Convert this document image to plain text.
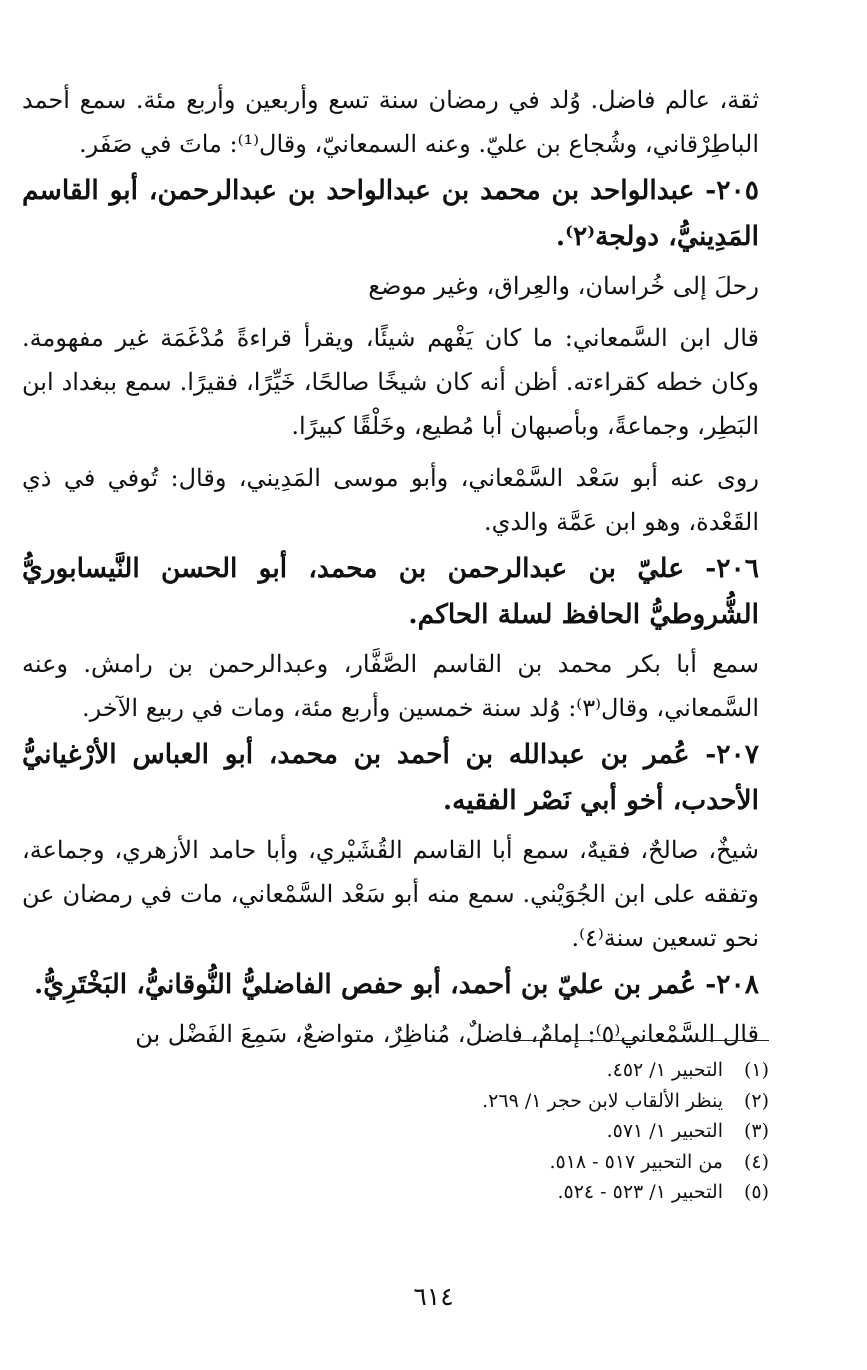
ثقة، عالم فاضل. وُلد في رمضان سنة تسع وأربعين وأربع مئة. سمع أحمد الباطِرْقاني، وشُجاع بن عليّ. وعنه السمعانيّ، وقال⁽¹⁾: ماتَ في صَفَر.

٢٠٥- عبدالواحد بن محمد بن عبدالواحد بن عبدالرحمن، أبو القاسم المَدِينيُّ، دولجة⁽٢⁾.

رحلَ إلى خُراسان، والعِراق، وغير موضع

قال ابن السَّمعاني: ما كان يَفْهم شيئًا، ويقرأ قراءةً مُدْغَمَة غير مفهومة. وكان خطه كقراءته. أظن أنه كان شيخًا صالحًا، خَيِّرًا، فقيرًا. سمع ببغداد ابن البَطِر، وجماعةً، وبأصبهان أبا مُطيع، وخَلْقًا كبيرًا.

روى عنه أبو سَعْد السَّمْعاني، وأبو موسى المَدِيني، وقال: تُوفي في ذي القَعْدة، وهو ابن عَمَّة والدي.

٢٠٦- عليّ بن عبدالرحمن بن محمد، أبو الحسن النَّيسابوريُّ الشُّروطيُّ الحافظ لسلة الحاكم.

سمع أبا بكر محمد بن القاسم الصَّفَّار، وعبدالرحمن بن رامش. وعنه السَّمعاني، وقال⁽٣⁾: وُلد سنة خمسين وأربع مئة، ومات في ربيع الآخر.

٢٠٧- عُمر بن عبدالله بن أحمد بن محمد، أبو العباس الأرْغيانيُّ الأحدب، أخو أبي نَصْر الفقيه.

شيخٌ، صالحٌ، فقيهٌ، سمع أبا القاسم القُشَيْري، وأبا حامد الأزهري، وجماعة، وتفقه على ابن الجُوَيْني. سمع منه أبو سَعْد السَّمْعاني، مات في رمضان عن نحو تسعين سنة⁽٤⁾.

٢٠٨- عُمر بن عليّ بن أحمد، أبو حفص الفاضليُّ النُّوقانيُّ، البَخْتَرِيُّ.

قال السَّمْعاني⁽٥⁾: إمامٌ، فاضلٌ، مُناظِرٌ، متواضعٌ، سَمِعَ الفَضْل بن

(١)
التحبير ١/ ٤٥٢.

(٢)
ينظر الألقاب لابن حجر ١/ ٢٦٩.

(٣)
التحبير ١/ ٥٧١.

(٤)
من التحبير ٥١٧ - ٥١٨.

(٥)
التحبير ١/ ٥٢٣ - ٥٢٤.

٦١٤
